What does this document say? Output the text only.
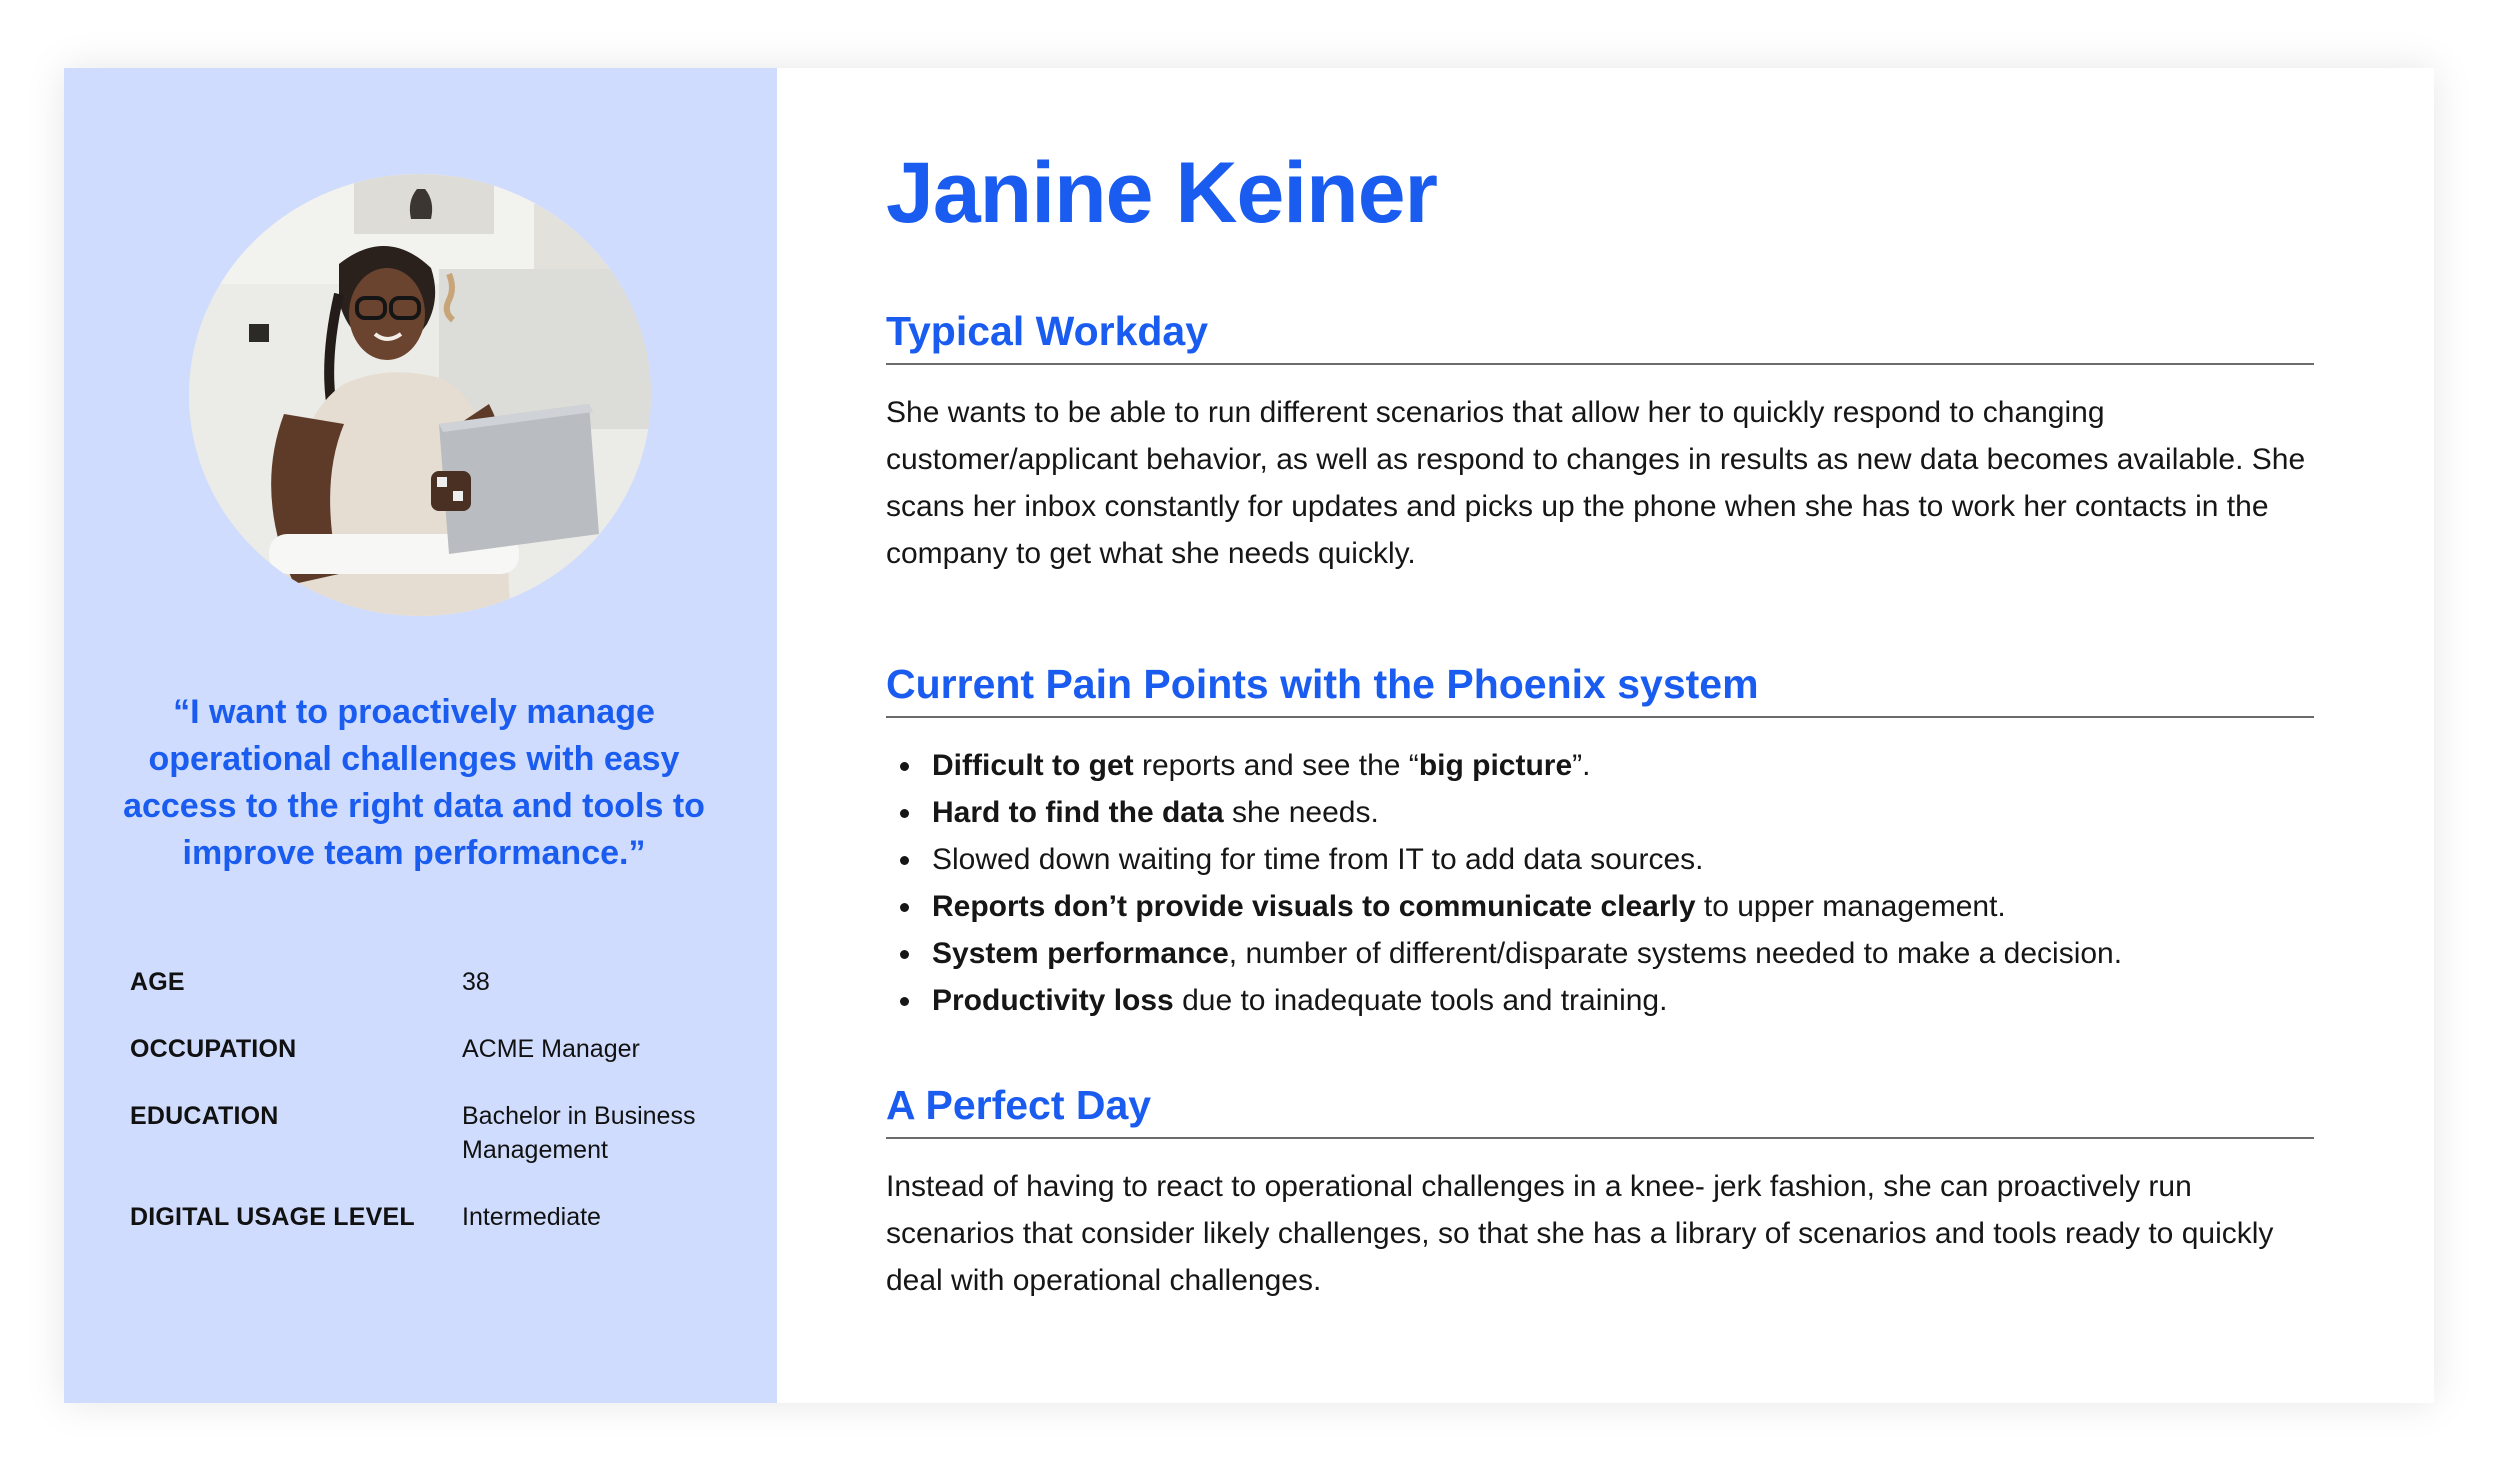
“I want to proactively manage operational challenges with easy access to the right data and tools to improve team performance.”
AGE	38
OCCUPATION	ACME Manager
EDUCATION	Bachelor in Business Management
DIGITAL USAGE LEVEL	Intermediate
Janine Keiner
Typical Workday
She wants to be able to run different scenarios that allow her to quickly respond to changing customer/applicant behavior, as well as respond to changes in results as new data becomes available. She scans her inbox constantly for updates and picks up the phone when she has to work her contacts in the company to get what she needs quickly.
Current Pain Points with the Phoenix system
Difficult to get reports and see the “big picture”.
Hard to find the data she needs.
Slowed down waiting for time from IT to add data sources.
Reports don’t provide visuals to communicate clearly to upper management.
System performance, number of different/disparate systems needed to make a decision.
Productivity loss due to inadequate tools and training.
A Perfect Day
Instead of having to react to operational challenges in a knee- jerk fashion, she can proactively run scenarios that consider likely challenges, so that she has a library of scenarios and tools ready to quickly deal with operational challenges.
